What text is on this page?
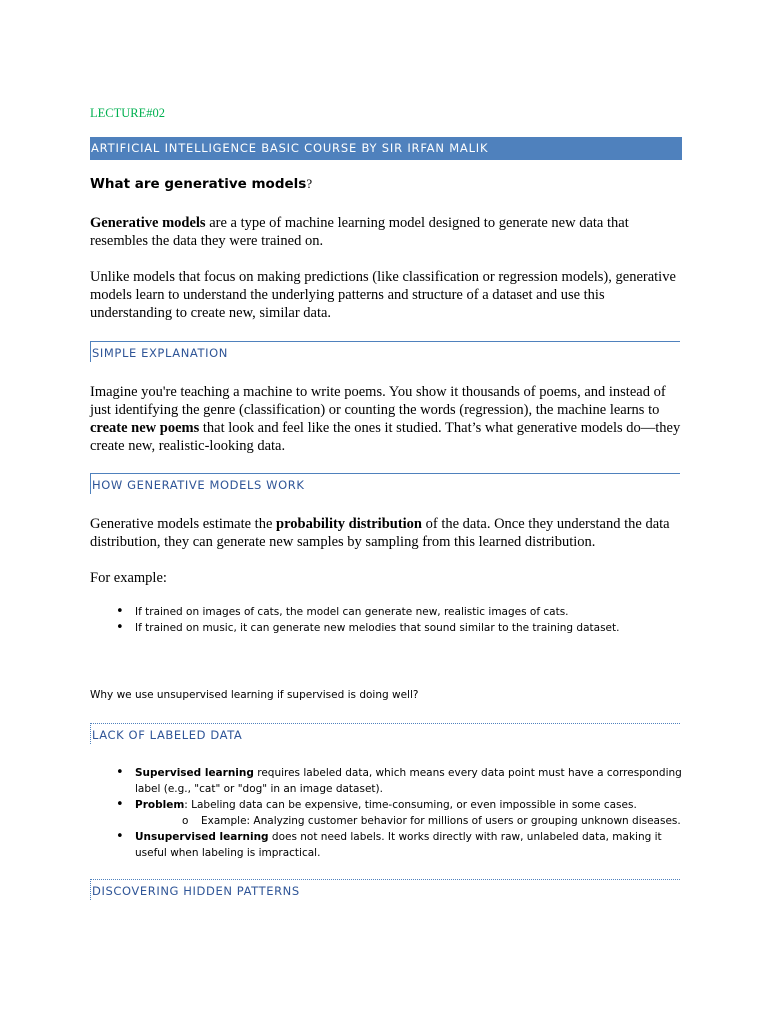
LECTURE#02
ARTIFICIAL INTELLIGENCE BASIC COURSE BY SIR IRFAN MALIK
What are generative models?
Generative models are a type of machine learning model designed to generate new data that resembles the data they were trained on.
Unlike models that focus on making predictions (like classification or regression models), generative models learn to understand the underlying patterns and structure of a dataset and use this understanding to create new, similar data.
SIMPLE EXPLANATION
Imagine you're teaching a machine to write poems. You show it thousands of poems, and instead of just identifying the genre (classification) or counting the words (regression), the machine learns to create new poems that look and feel like the ones it studied. That’s what generative models do—they create new, realistic-looking data.
HOW GENERATIVE MODELS WORK
Generative models estimate the probability distribution of the data. Once they understand the data distribution, they can generate new samples by sampling from this learned distribution.
For example:
• If trained on images of cats, the model can generate new, realistic images of cats.
• If trained on music, it can generate new melodies that sound similar to the training dataset.
Why we use unsupervised learning if supervised is doing well?
LACK OF LABELED DATA
• Supervised learning requires labeled data, which means every data point must have a corresponding label (e.g., "cat" or "dog" in an image dataset).
• Problem: Labeling data can be expensive, time-consuming, or even impossible in some cases.
o Example: Analyzing customer behavior for millions of users or grouping unknown diseases.
• Unsupervised learning does not need labels. It works directly with raw, unlabeled data, making it useful when labeling is impractical.
DISCOVERING HIDDEN PATTERNS
